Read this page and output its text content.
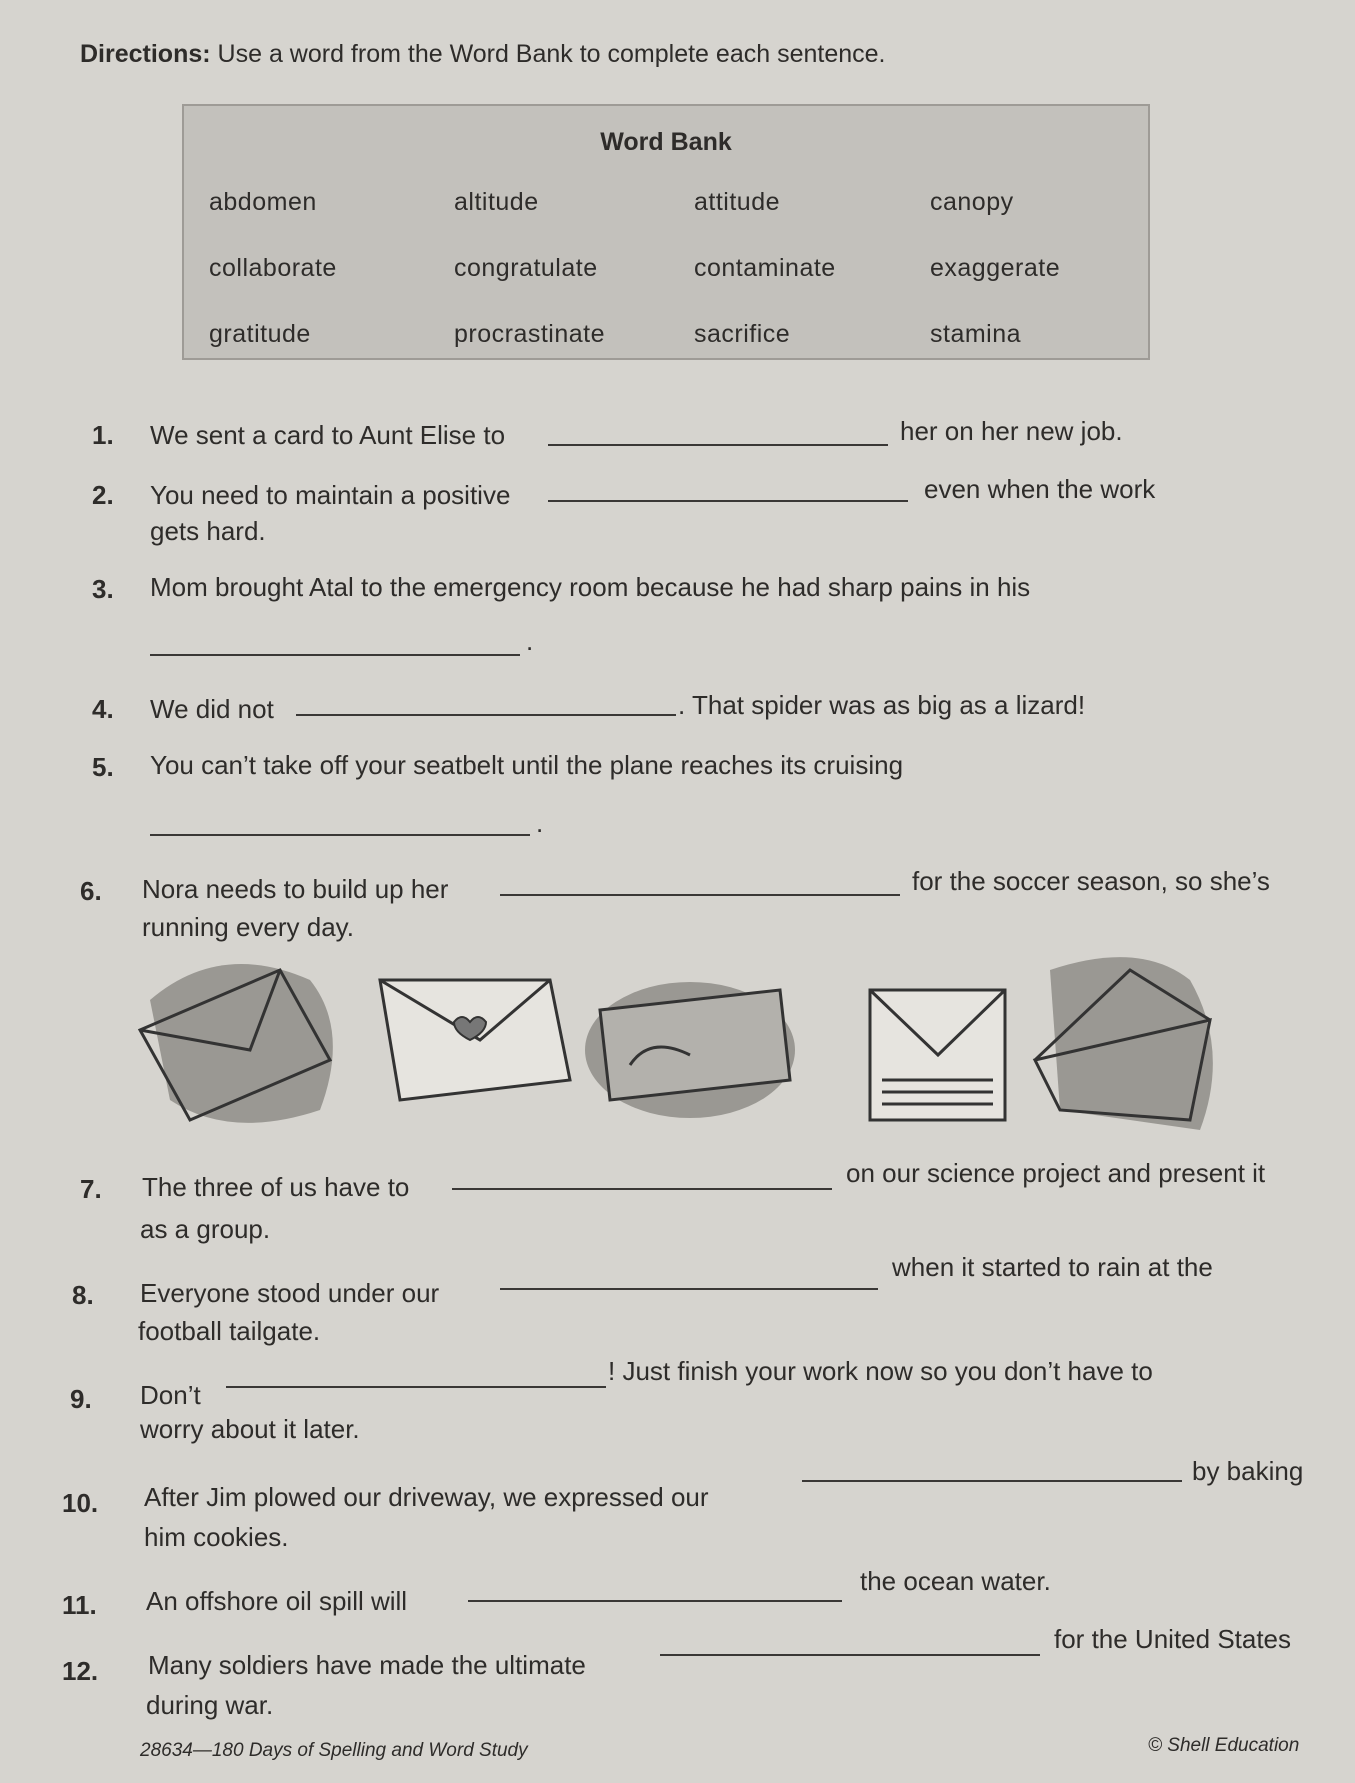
Directions: Use a word from the Word Bank to complete each sentence.
Word Bank
abdomen	altitude	attitude	canopy
collaborate	congratulate	contaminate	exaggerate
gratitude	procrastinate	sacrifice	stamina
1. We sent a card to Aunt Elise to	her on her new job.
2. You need to maintain a positive	even when the work
gets hard.
3. Mom brought Atal to the emergency room because he had sharp pains in his
.
4. We did not	. That spider was as big as a lizard!
5. You can’t take off your seatbelt until the plane reaches its cruising
.
6. Nora needs to build up her	for the soccer season, so she’s
running every day.
7. The three of us have to	on our science project and present it
as a group.
8. Everyone stood under our
when it started to rain at the
football tailgate.
9. Don’t
! Just finish your work now so you don’t have to
worry about it later.
10. After Jim plowed our driveway, we expressed our
by baking
him cookies.
11. An offshore oil spill will
the ocean water.
12. Many soldiers have made the ultimate
for the United States
during war.
28634—180 Days of Spelling and Word Study	© Shell Education
